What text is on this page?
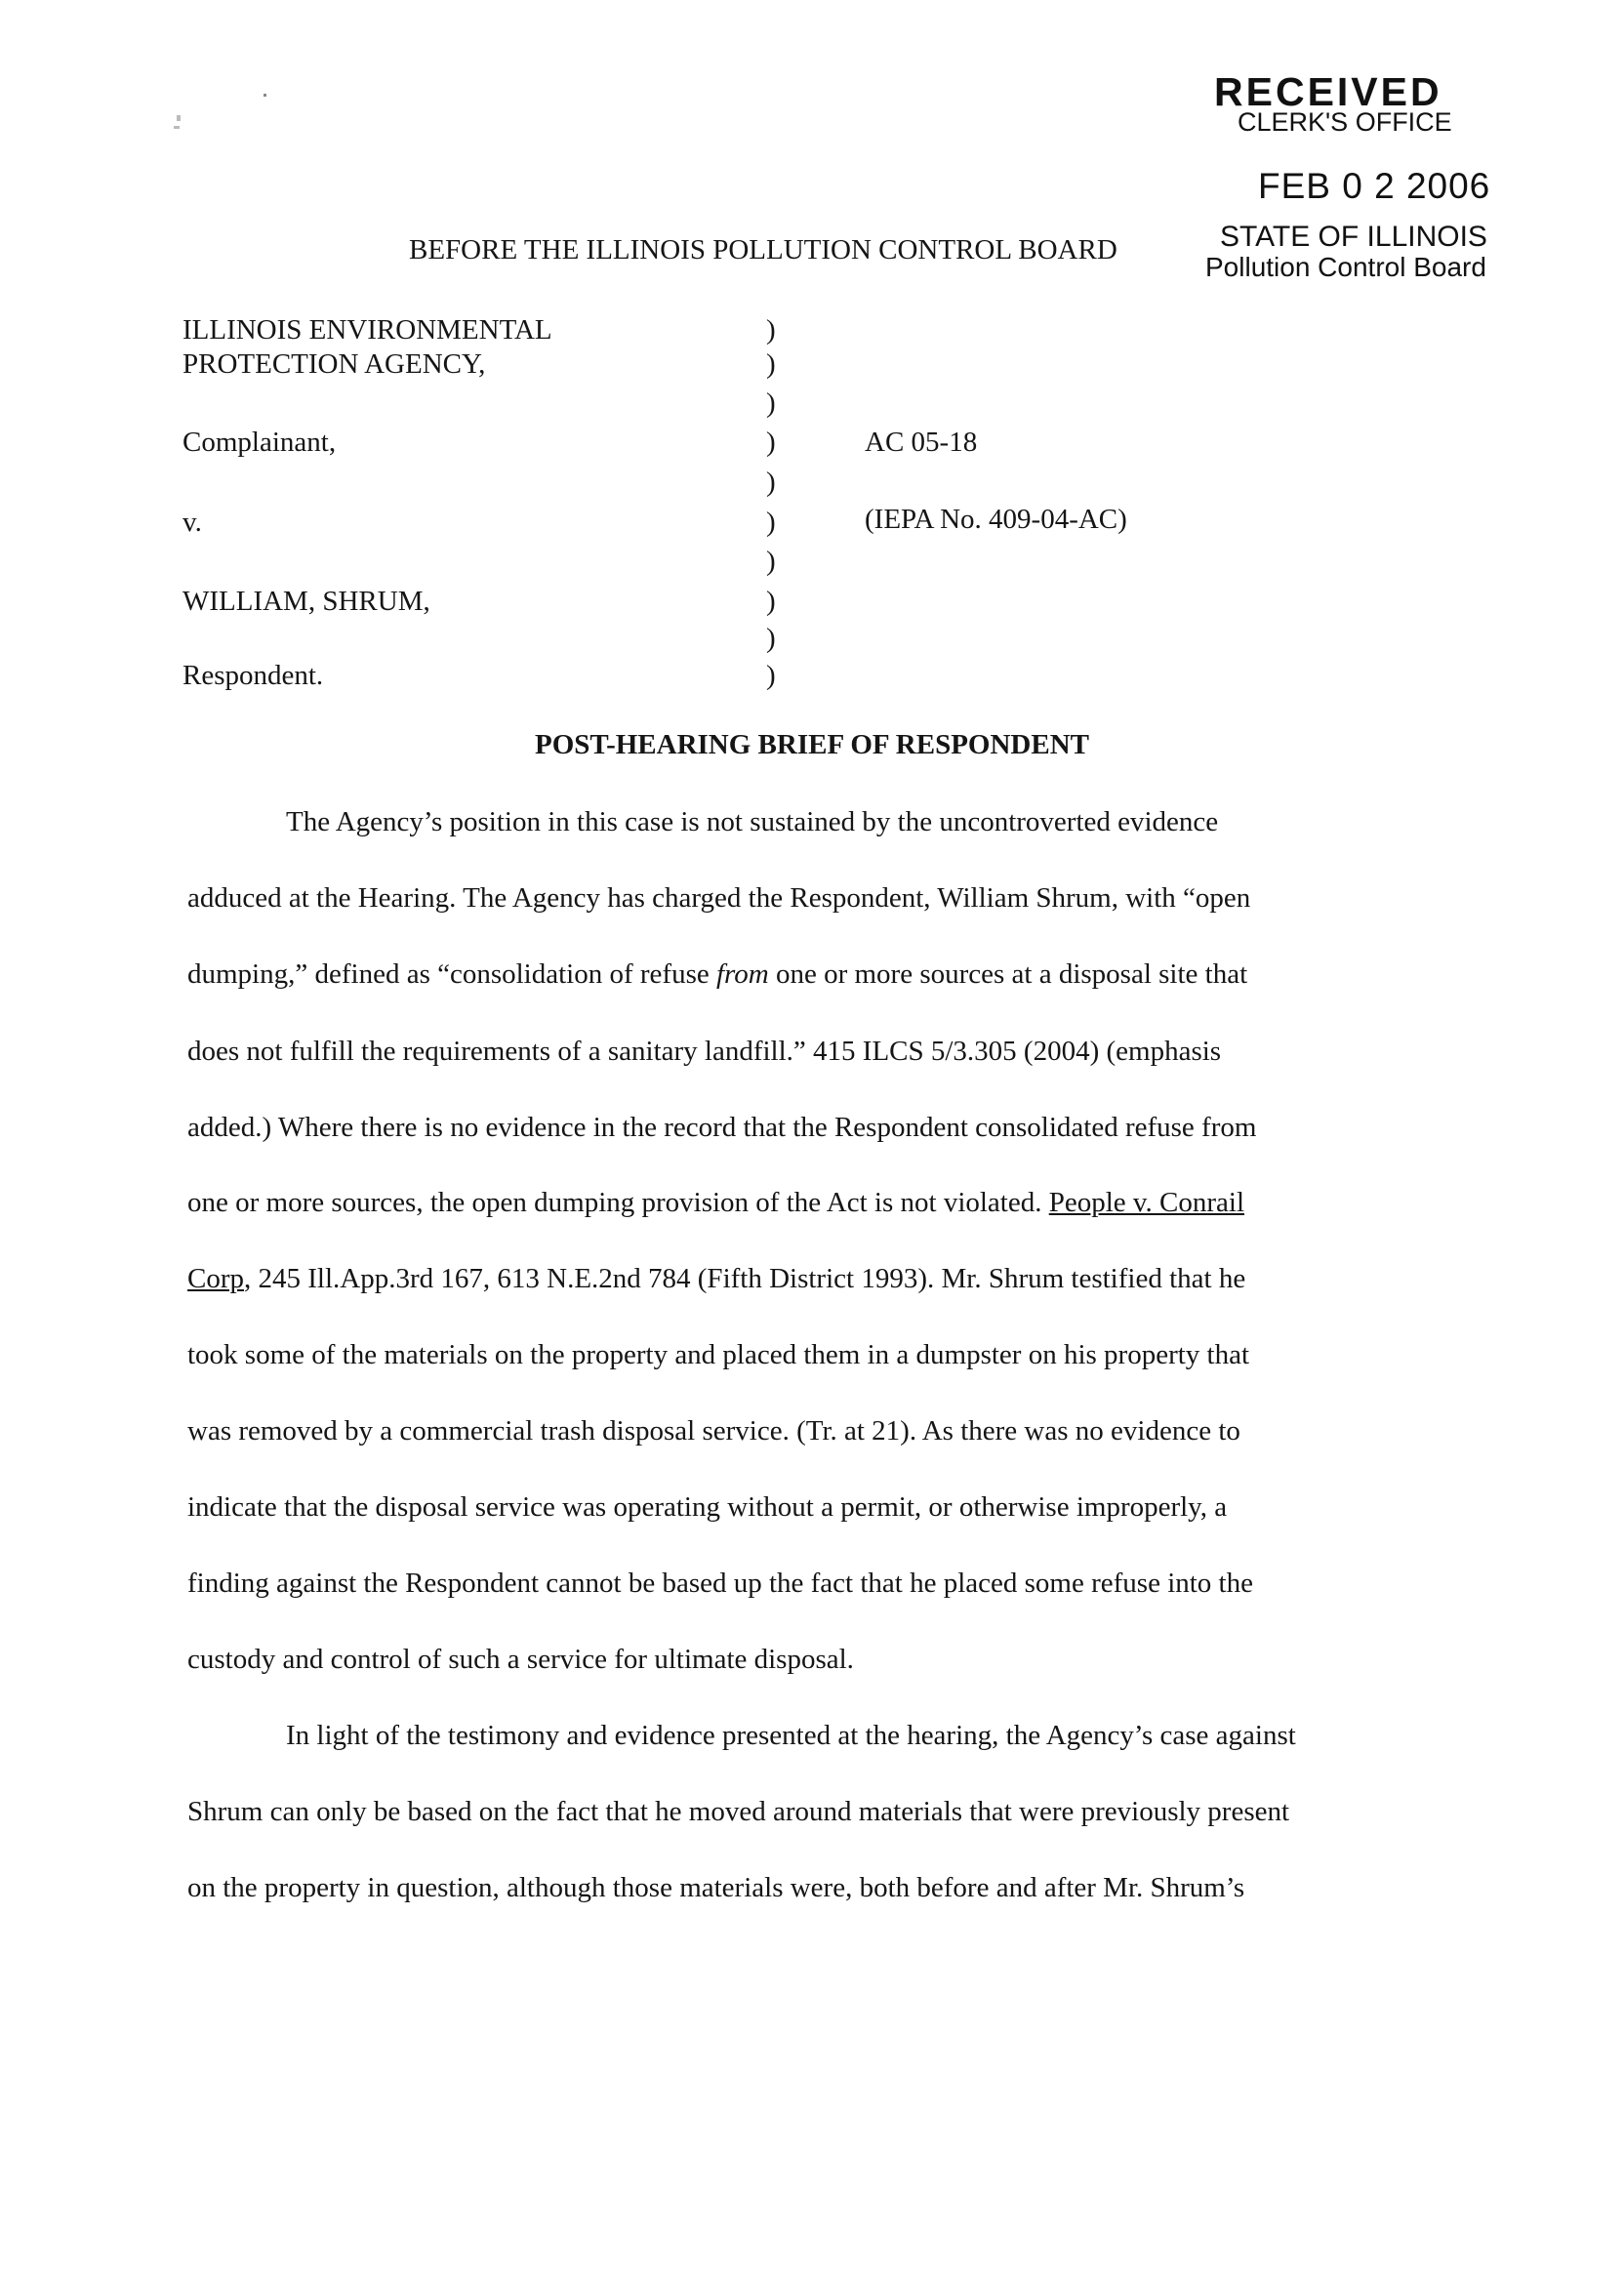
RECEIVED
CLERK'S OFFICE
FEB 0 2 2006
STATE OF ILLINOIS
Pollution Control Board
BEFORE THE ILLINOIS POLLUTION CONTROL BOARD
ILLINOIS ENVIRONMENTAL
PROTECTION AGENCY,
Complainant,
v.
WILLIAM, SHRUM,
Respondent.
)
)
)
)
)
)
)
)
)
)
AC 05-18
(IEPA No. 409-04-AC)
POST-HEARING BRIEF OF RESPONDENT
The Agency’s position in this case is not sustained by the uncontroverted evidence
adduced at the Hearing. The Agency has charged the Respondent, William Shrum, with “open
dumping,” defined as “consolidation of refuse from one or more sources at a disposal site that
does not fulfill the requirements of a sanitary landfill.” 415 ILCS 5/3.305 (2004) (emphasis
added.) Where there is no evidence in the record that the Respondent consolidated refuse from
one or more sources, the open dumping provision of the Act is not violated. People v. Conrail
Corp, 245 Ill.App.3rd 167, 613 N.E.2nd 784 (Fifth District 1993). Mr. Shrum testified that he
took some of the materials on the property and placed them in a dumpster on his property that
was removed by a commercial trash disposal service. (Tr. at 21). As there was no evidence to
indicate that the disposal service was operating without a permit, or otherwise improperly, a
finding against the Respondent cannot be based up the fact that he placed some refuse into the
custody and control of such a service for ultimate disposal.
In light of the testimony and evidence presented at the hearing, the Agency’s case against
Shrum can only be based on the fact that he moved around materials that were previously present
on the property in question, although those materials were, both before and after Mr. Shrum’s
